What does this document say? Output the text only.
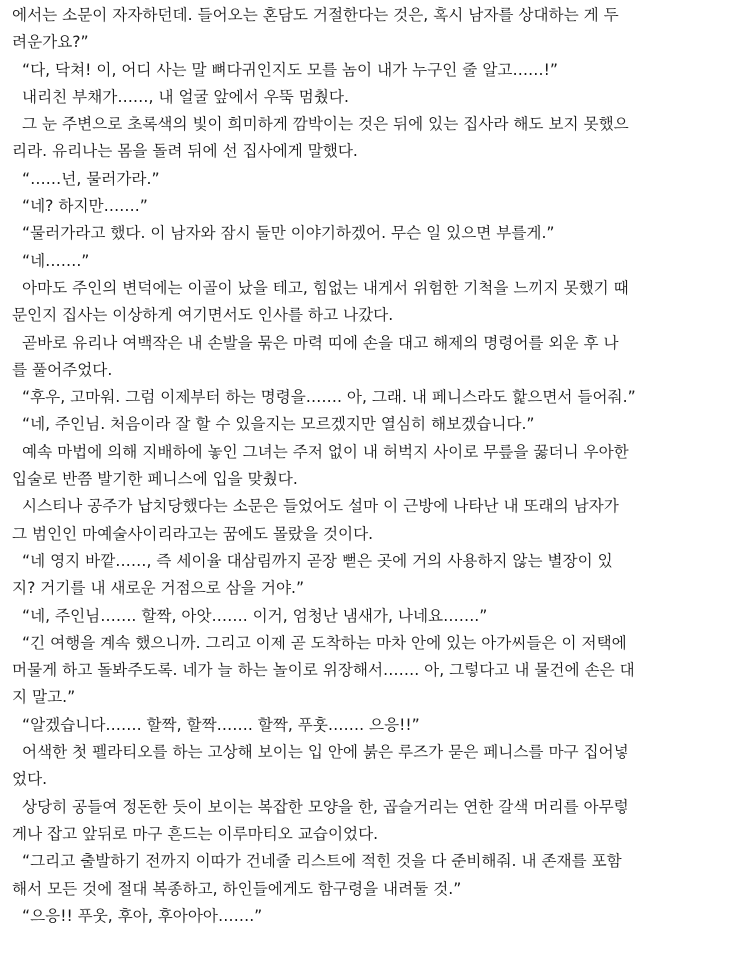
에서는 소문이 자자하던데. 들어오는 혼담도 거절한다는 것은, 혹시 남자를 상대하는 게 두
려운가요?”
“다, 닥쳐! 이, 어디 사는 말 뼈다귀인지도 모를 놈이 내가 누구인 줄 알고……!”
내리친 부채가……, 내 얼굴 앞에서 우뚝 멈췄다.
그 눈 주변으로 초록색의 빛이 희미하게 깜박이는 것은 뒤에 있는 집사라 해도 보지 못했으
리라. 유리나는 몸을 돌려 뒤에 선 집사에게 말했다.
“……넌, 물러가라.”
“네? 하지만…….”
“물러가라고 했다. 이 남자와 잠시 둘만 이야기하겠어. 무슨 일 있으면 부를게.”
“네…….”
아마도 주인의 변덕에는 이골이 났을 테고, 힘없는 내게서 위험한 기척을 느끼지 못했기 때
문인지 집사는 이상하게 여기면서도 인사를 하고 나갔다.
곧바로 유리나 여백작은 내 손발을 묶은 마력 띠에 손을 대고 해제의 명령어를 외운 후 나
를 풀어주었다.
“후우, 고마워. 그럼 이제부터 하는 명령을……. 아, 그래. 내 페니스라도 핥으면서 들어줘.”
“네, 주인님. 처음이라 잘 할 수 있을지는 모르겠지만 열심히 해보겠습니다.”
예속 마법에 의해 지배하에 놓인 그녀는 주저 없이 내 허벅지 사이로 무릎을 꿇더니 우아한
입술로 반쯤 발기한 페니스에 입을 맞췄다.
시스티나 공주가 납치당했다는 소문은 들었어도 설마 이 근방에 나타난 내 또래의 남자가
그 범인인 마예술사이리라고는 꿈에도 몰랐을 것이다.
“네 영지 바깥……, 즉 세이율 대삼림까지 곧장 뻗은 곳에 거의 사용하지 않는 별장이 있
지? 거기를 내 새로운 거점으로 삼을 거야.”
“네, 주인님……. 할짝, 아앗……. 이거, 엄청난 냄새가, 나네요…….”
“긴 여행을 계속 했으니까. 그리고 이제 곧 도착하는 마차 안에 있는 아가씨들은 이 저택에
머물게 하고 돌봐주도록. 네가 늘 하는 놀이로 위장해서……. 아, 그렇다고 내 물건에 손은 대
지 말고.”
“알겠습니다……. 할짝, 할짝……. 할짝, 푸훗……. 으응!!”
어색한 첫 펠라티오를 하는 고상해 보이는 입 안에 붉은 루즈가 묻은 페니스를 마구 집어넣
었다.
상당히 공들여 정돈한 듯이 보이는 복잡한 모양을 한, 곱슬거리는 연한 갈색 머리를 아무렇
게나 잡고 앞뒤로 마구 흔드는 이루마티오 교습이었다.
“그리고 출발하기 전까지 이따가 건네줄 리스트에 적힌 것을 다 준비해줘. 내 존재를 포함
해서 모든 것에 절대 복종하고, 하인들에게도 함구령을 내려둘 것.”
“으응!! 푸웃, 후아, 후아아아…….”
